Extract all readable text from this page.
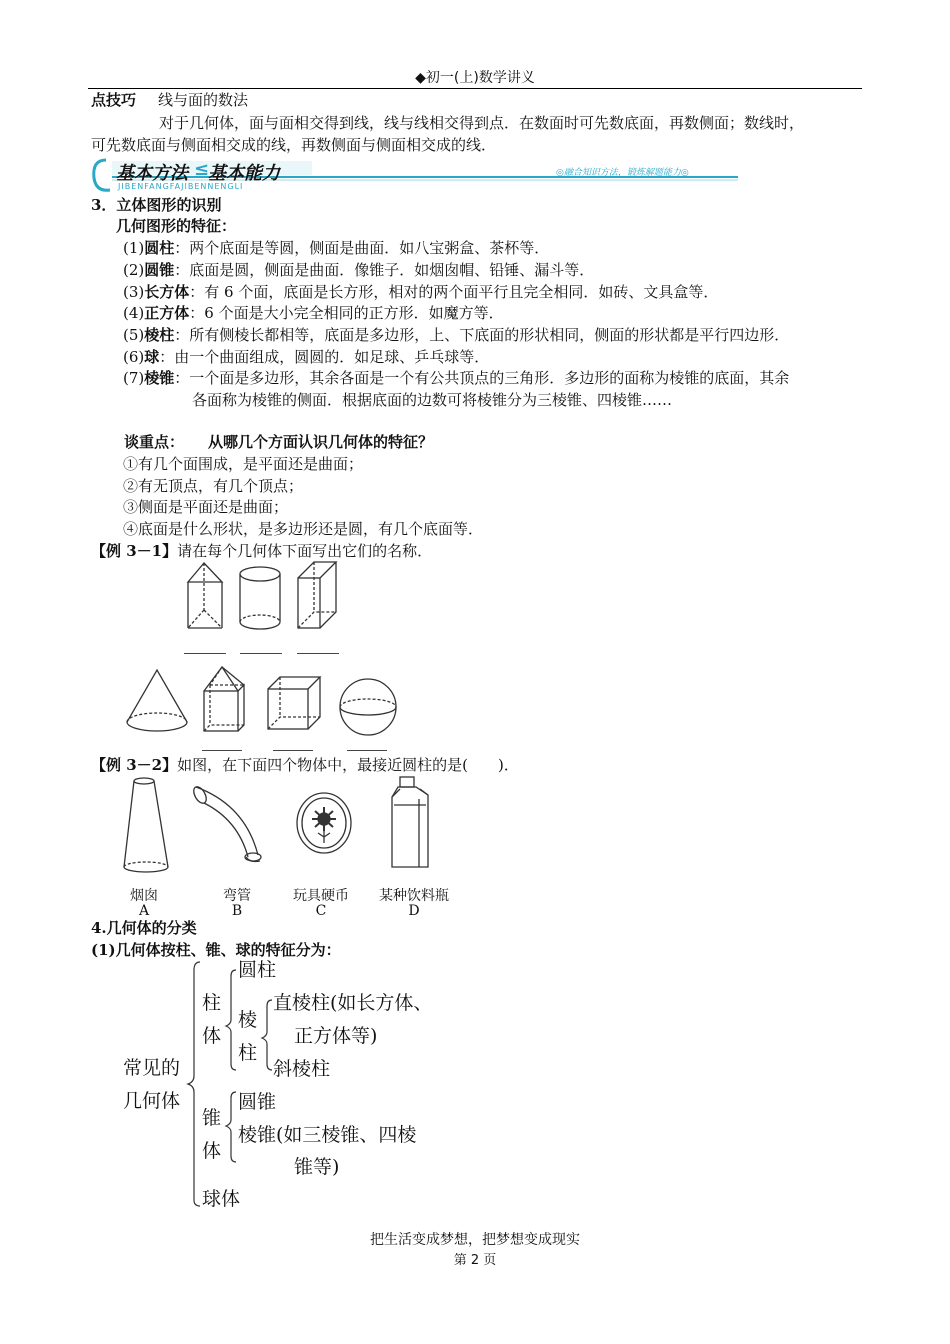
◆初一(上)数学讲义
点技巧 线与面的数法
对于几何体，面与面相交得到线，线与线相交得到点．在数面时可先数底面，再数侧面；数线时，
可先数底面与侧面相交成的线，再数侧面与侧面相交成的线．
基本方法 ≤
基本能力
JIBENFANGFAJIBENNENGLI
◎融合知识方法，锻炼解题能力◎
3．立体图形的识别
几何图形的特征：
(1)圆柱：两个底面是等圆，侧面是曲面．如八宝粥盒、茶杯等．
(2)圆锥：底面是圆，侧面是曲面．像锥子．如烟囱帽、铅锤、漏斗等．
(3)长方体：有 6 个面，底面是长方形，相对的两个面平行且完全相同．如砖、文具盒等．
(4)正方体：6 个面是大小完全相同的正方形．如魔方等．
(5)棱柱：所有侧棱长都相等，底面是多边形，上、下底面的形状相同，侧面的形状都是平行四边形．
(6)球：由一个曲面组成，圆圆的．如足球、乒乓球等．
(7)棱锥：一个面是多边形，其余各面是一个有公共顶点的三角形．多边形的面称为棱锥的底面，其余
各面称为棱锥的侧面．根据底面的边数可将棱锥分为三棱锥、四棱锥……
谈重点： 从哪几个方面认识几何体的特征？
①有几个面围成，是平面还是曲面；
②有无顶点，有几个顶点；
③侧面是平面还是曲面；
④底面是什么形状，是多边形还是圆，有几个底面等．
【例 3－1】请在每个几何体下面写出它们的名称．
【例 3－2】如图，在下面四个物体中，最接近圆柱的是(　　)．
烟囱	弯管	玩具硬币	某种饮料瓶
A	B	C	D
4.几何体的分类
(1)几何体按柱、锥、球的特征分为：
常见的
几何体
柱
体
圆柱
棱
柱
直棱柱(如长方体、
正方体等)
斜棱柱
锥
体
圆锥
棱锥(如三棱锥、四棱
锥等)
球体
把生活变成梦想，把梦想变成现实
第 2 页
